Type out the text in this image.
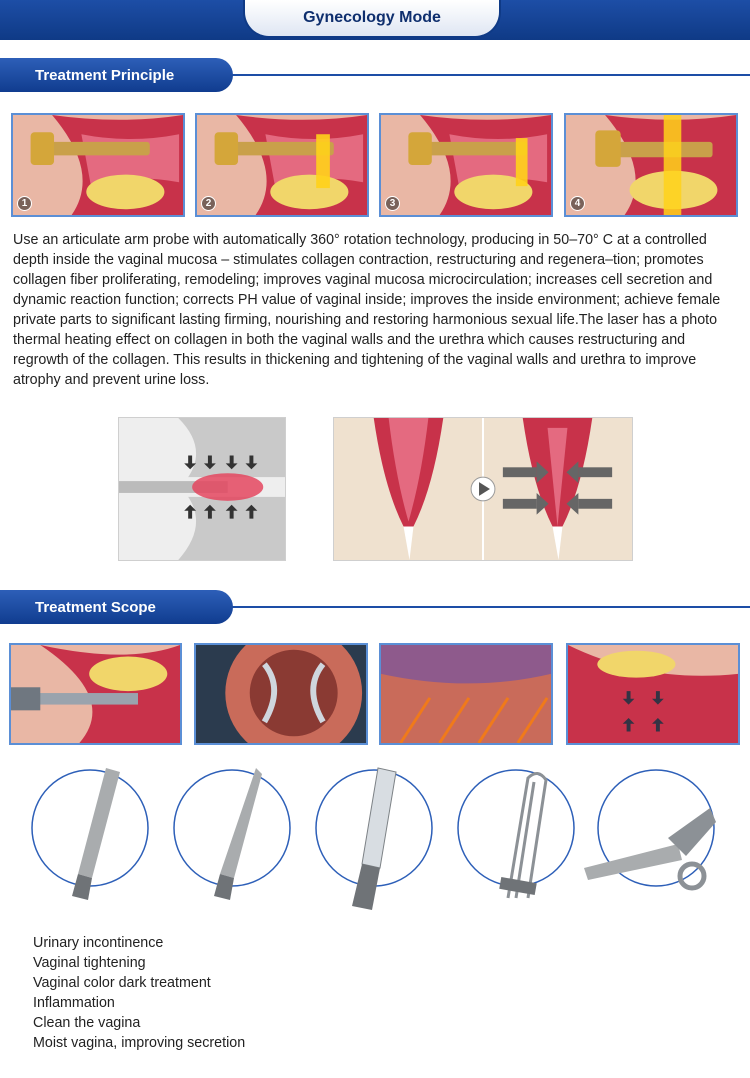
Gynecology Mode
Treatment Principle
1	2	3	4

Use an articulate arm probe with automatically 360° rotation technology, producing in 50–70° C at a controlled depth inside the vaginal mucosa – stimulates collagen contraction, restructuring and regenera–tion; promotes collagen fiber proliferating, remodeling; improves vaginal mucosa microcirculation; increases cell secretion and dynamic reaction function; corrects PH value of vaginal inside; improves the inside environment; achieve female private parts to significant lasting firming, nourishing and restoring harmonious sexual life.The laser has a photo thermal heating effect on collagen in both the vaginal walls and the urethra which causes restructuring and regrowth of the collagen. This results in thickening and tightening of the vaginal walls and urethra to improve atrophy and prevent urine loss.

Treatment Scope
Urinary incontinence
Vaginal tightening
Vaginal color dark treatment
Inflammation
Clean the vagina
Moist vagina, improving secretion
